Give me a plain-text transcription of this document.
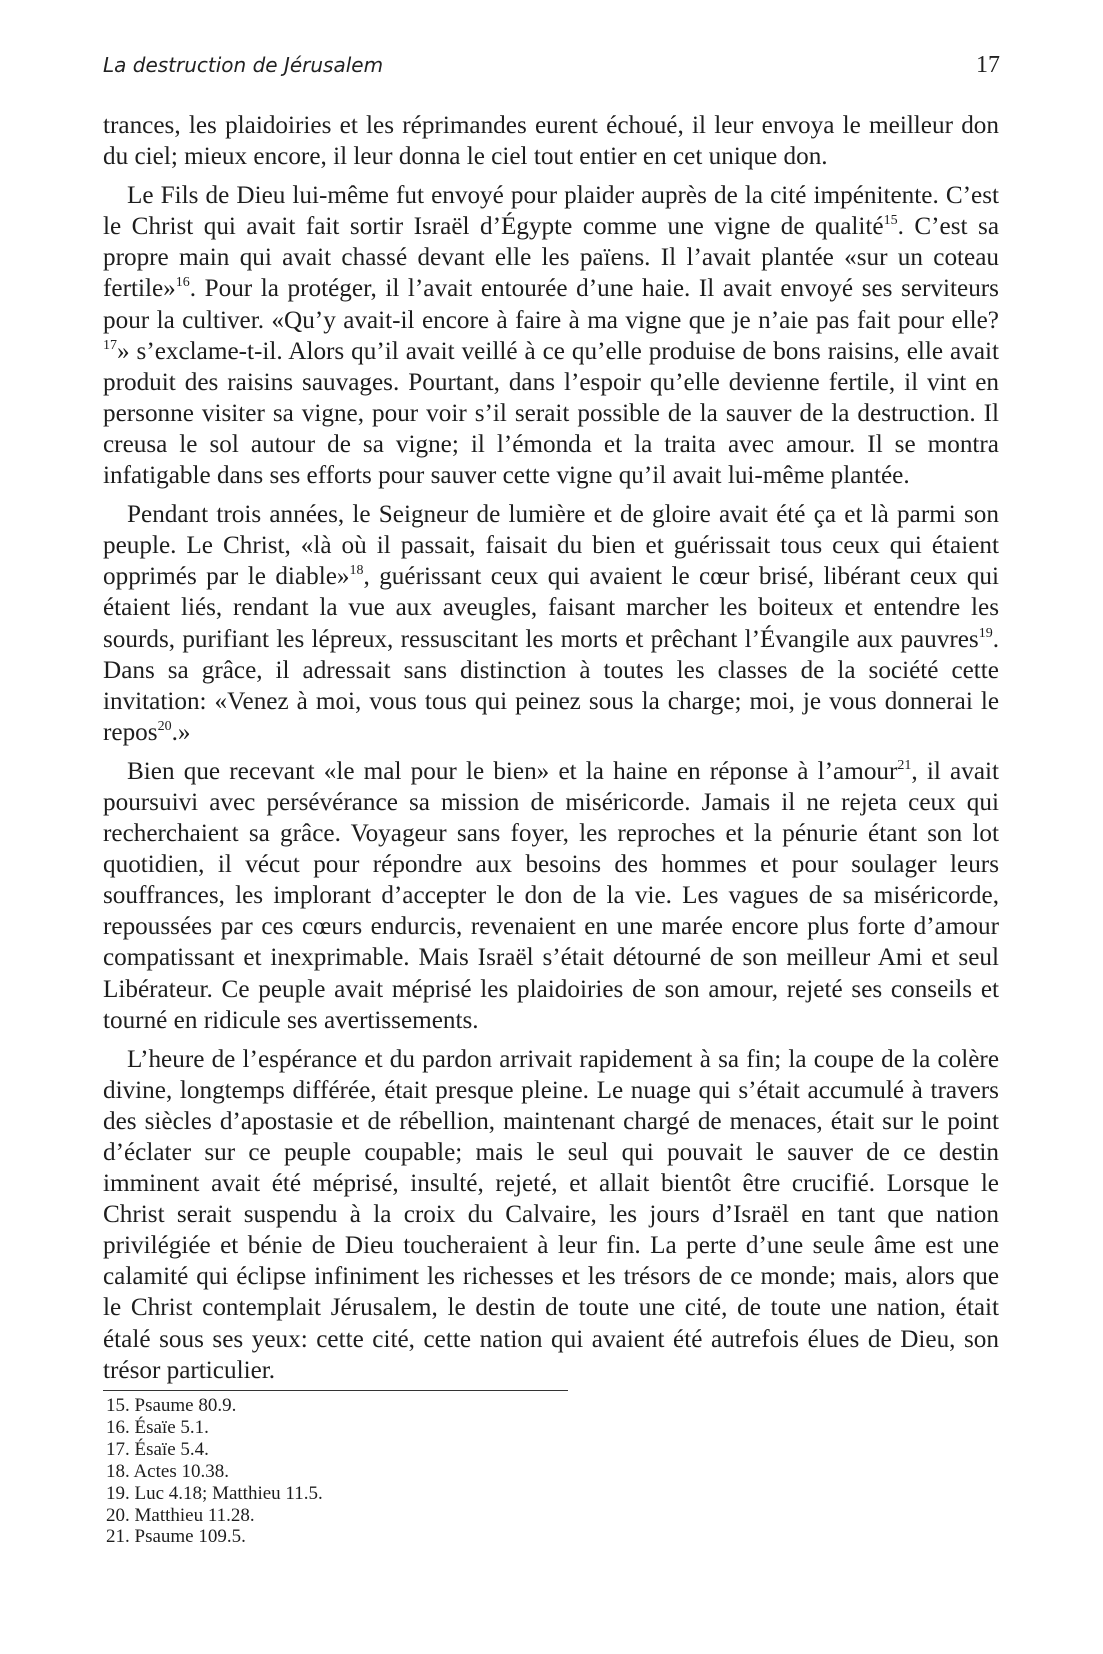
La destruction de Jérusalem	17

trances, les plaidoiries et les réprimandes eurent échoué, il leur envoya le meilleur don du ciel; mieux encore, il leur donna le ciel tout entier en cet unique don.

Le Fils de Dieu lui-même fut envoyé pour plaider auprès de la cité impénitente. C’est le Christ qui avait fait sortir Israël d’Égypte comme une vigne de qualité$^{15}$. C’est sa propre main qui avait chassé devant elle les païens. Il l’avait plantée «sur un coteau fertile»$^{16}$. Pour la protéger, il l’avait entourée d’une haie. Il avait envoyé ses serviteurs pour la cultiver. «Qu’y avait-il encore à faire à ma vigne que je n’aie pas fait pour elle? $^{17}$» s’exclame-t-il. Alors qu’il avait veillé à ce qu’elle produise de bons raisins, elle avait produit des raisins sauvages. Pourtant, dans l’espoir qu’elle devienne fertile, il vint en personne visiter sa vigne, pour voir s’il serait possible de la sauver de la destruction. Il creusa le sol autour de sa vigne; il l’émonda et la traita avec amour. Il se montra infatigable dans ses efforts pour sauver cette vigne qu’il avait lui-même plantée.

Pendant trois années, le Seigneur de lumière et de gloire avait été ça et là parmi son peuple. Le Christ, «là où il passait, faisait du bien et guérissait tous ceux qui étaient opprimés par le diable»$^{18}$, guérissant ceux qui avaient le cœur brisé, libérant ceux qui étaient liés, rendant la vue aux aveugles, faisant marcher les boiteux et entendre les sourds, purifiant les lépreux, ressuscitant les morts et prêchant l’Évangile aux pauvres$^{19}$. Dans sa grâce, il adressait sans distinction à toutes les classes de la société cette invitation: «Venez à moi, vous tous qui peinez sous la charge; moi, je vous donnerai le repos$^{20}$.»

Bien que recevant «le mal pour le bien» et la haine en réponse à l’amour$^{21}$, il avait poursuivi avec persévérance sa mission de miséricorde. Jamais il ne rejeta ceux qui recherchaient sa grâce. Voyageur sans foyer, les reproches et la pénurie étant son lot quotidien, il vécut pour répondre aux besoins des hommes et pour soulager leurs souffrances, les implorant d’accepter le don de la vie. Les vagues de sa miséricorde, repoussées par ces cœurs endurcis, revenaient en une marée encore plus forte d’amour compatissant et inexprimable. Mais Israël s’était détourné de son meilleur Ami et seul Libérateur. Ce peuple avait méprisé les plaidoiries de son amour, rejeté ses conseils et tourné en ridicule ses avertissements.

L’heure de l’espérance et du pardon arrivait rapidement à sa fin; la coupe de la colère divine, longtemps différée, était presque pleine. Le nuage qui s’était accumulé à travers des siècles d’apostasie et de rébellion, maintenant chargé de menaces, était sur le point d’éclater sur ce peuple coupable; mais le seul qui pouvait le sauver de ce destin imminent avait été méprisé, insulté, rejeté, et allait bientôt être crucifié. Lorsque le Christ serait suspendu à la croix du Calvaire, les jours d’Israël en tant que nation privilégiée et bénie de Dieu toucheraient à leur fin. La perte d’une seule âme est une calamité qui éclipse infiniment les richesses et les trésors de ce monde; mais, alors que le Christ contemplait Jérusalem, le destin de toute une cité, de toute une nation, était étalé sous ses yeux: cette cité, cette nation qui avaient été autrefois élues de Dieu, son trésor particulier.

15. Psaume 80.9.
16. Ésaïe 5.1.
17. Ésaïe 5.4.
18. Actes 10.38.
19. Luc 4.18; Matthieu 11.5.
20. Matthieu 11.28.
21. Psaume 109.5.
